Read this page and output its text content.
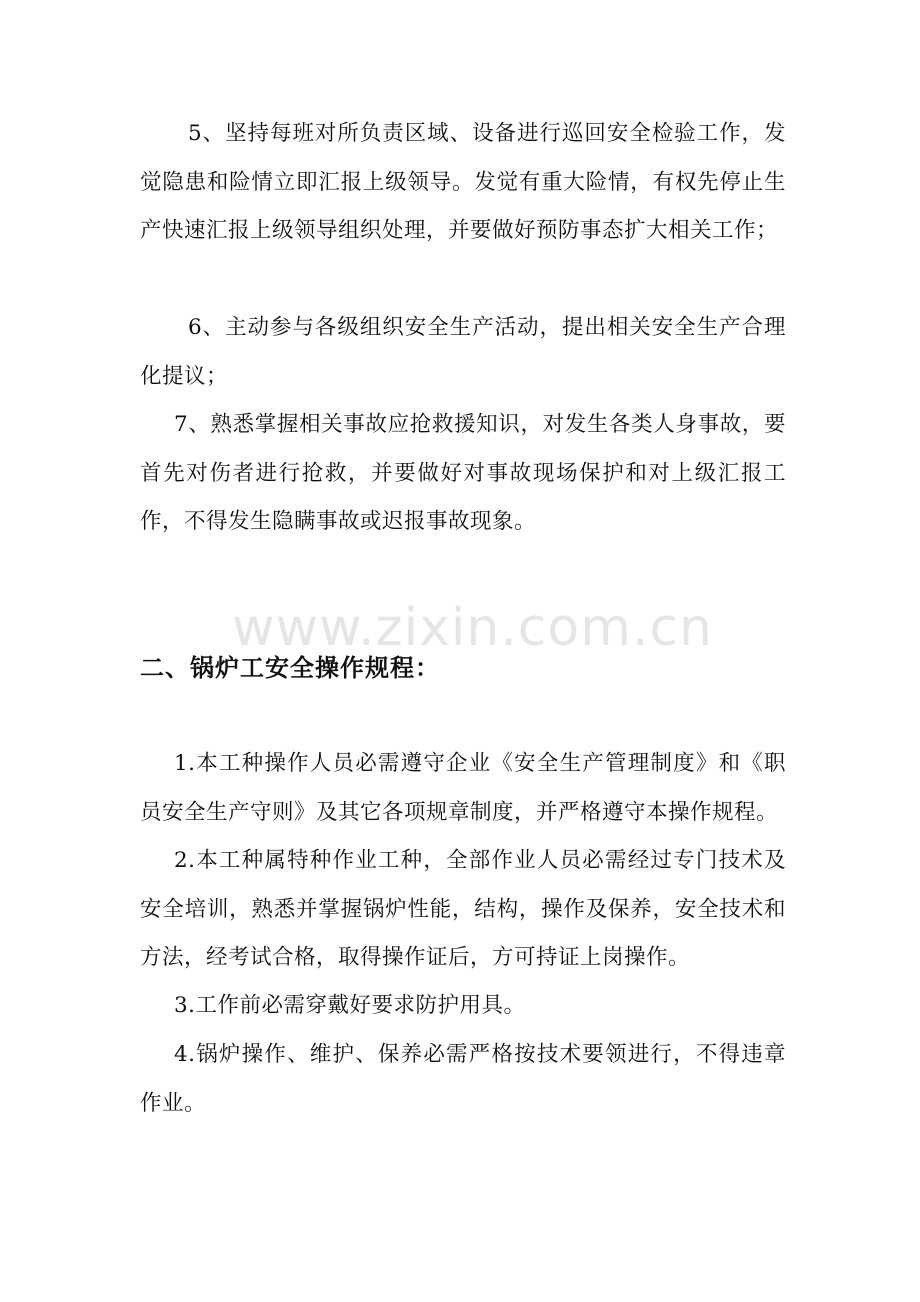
5、坚持每班对所负责区域、设备进行巡回安全检验工作，发觉隐患和险情立即汇报上级领导。发觉有重大险情，有权先停止生产快速汇报上级领导组织处理，并要做好预防事态扩大相关工作；

6、主动参与各级组织安全生产活动，提出相关安全生产合理化提议；

7、熟悉掌握相关事故应抢救援知识，对发生各类人身事故，要首先对伤者进行抢救，并要做好对事故现场保护和对上级汇报工作，不得发生隐瞒事故或迟报事故现象。

www.zixin.com.cn
二、锅炉工安全操作规程：

1.本工种操作人员必需遵守企业《安全生产管理制度》和《职员安全生产守则》及其它各项规章制度，并严格遵守本操作规程。

2.本工种属特种作业工种，全部作业人员必需经过专门技术及安全培训，熟悉并掌握锅炉性能，结构，操作及保养，安全技术和方法，经考试合格，取得操作证后，方可持证上岗操作。

3.工作前必需穿戴好要求防护用具。

4.锅炉操作、维护、保养必需严格按技术要领进行，不得违章作业。
